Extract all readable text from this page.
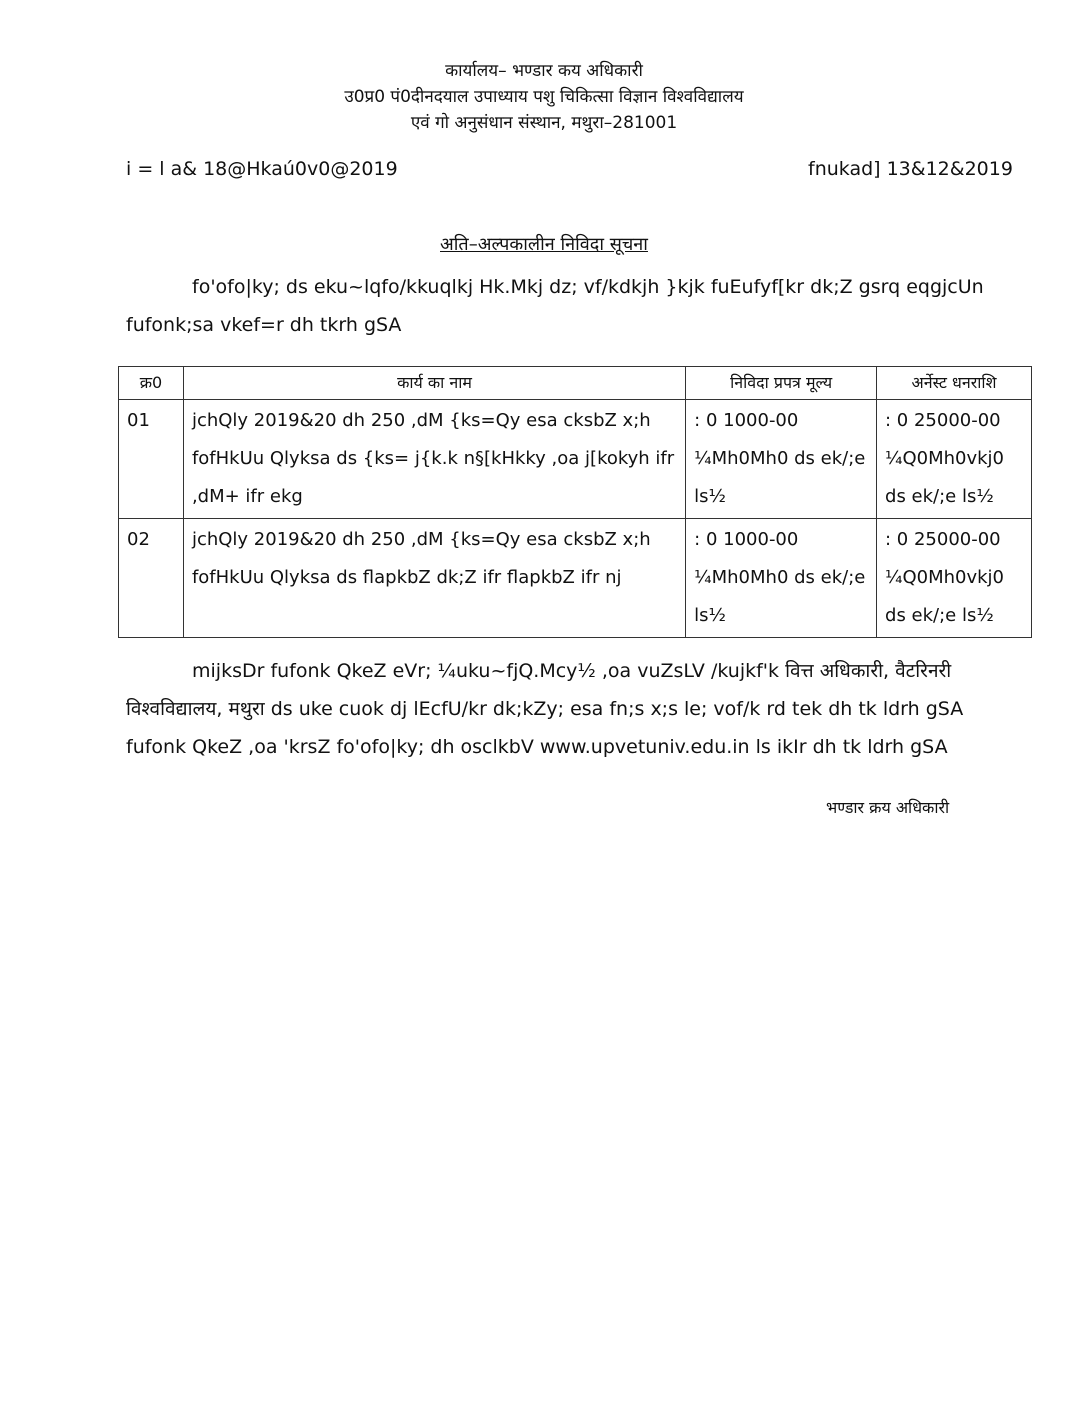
कार्यालय– भण्डार कय अधिकारी
उ0प्र0 पं0दीनदयाल उपाध्याय पशु चिकित्सा विज्ञान विश्वविद्यालय
एवं गो अनुसंधान संस्थान, मथुरा–281001
i = l a& 18@Hkaú0v0@2019	fnukad] 13&12&2019
अति–अल्पकालीन निविदा सूचना
fo'ofo|ky; ds eku~lqfo/kkuqlkj Hk.Mkj dz; vf/kdkjh }kjk fuEufyf[kr dk;Z gsrq eqgjcUn fufonk;sa vkef=r dh tkrh gSA
क्र0	कार्य का नाम	निविदा प्रपत्र मूल्य	अर्नेस्ट धनराशि
01	jchQly 2019&20 dh 250 ,dM {ks=Qy esa cksbZ x;h fofHkUu Qlyksa ds {ks= j{k.k n§[kHkky ,oa j[kokyh ifr ,dM+ ifr ekg	: 0 1000-00 ¼Mh0Mh0 ds ek/;e ls½	: 0 25000-00 ¼Q0Mh0vkj0 ds ek/;e ls½
02	jchQly 2019&20 dh 250 ,dM {ks=Qy esa cksbZ x;h fofHkUu Qlyksa ds flapkbZ dk;Z ifr flapkbZ ifr nj	: 0 1000-00 ¼Mh0Mh0 ds ek/;e ls½	: 0 25000-00 ¼Q0Mh0vkj0 ds ek/;e ls½
mijksDr fufonk QkeZ eVr; ¼uku~fjQ.Mcy½ ,oa vuZsLV /kujkf'k वित्त अधिकारी, वैटरिनरी विश्वविद्यालय, मथुरा ds uke cuok dj lEcfU/kr dk;kZy; esa fn;s x;s le; vof/k rd tek dh tk ldrh gSA fufonk QkeZ ,oa 'krsZ fo'ofo|ky; dh osclkbV www.upvetuniv.edu.in ls ikIr dh tk ldrh gSA
भण्डार क्रय अधिकारी
